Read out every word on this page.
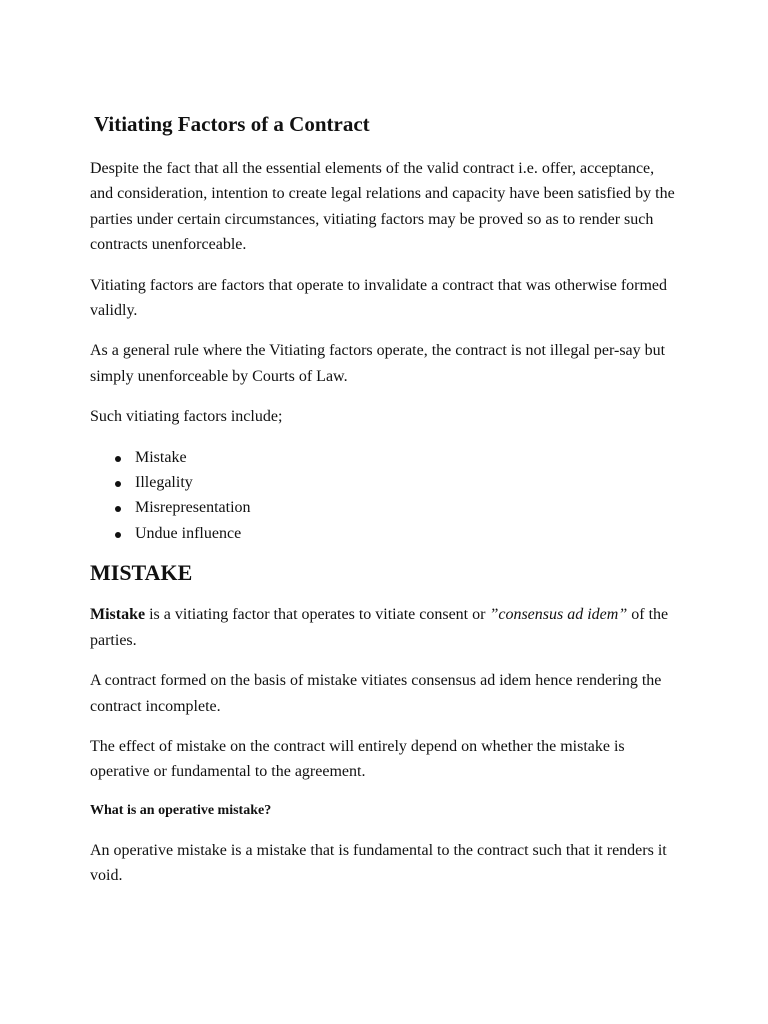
Vitiating Factors of a Contract

Despite the fact that all the essential elements of the valid contract i.e. offer, acceptance, and consideration, intention to create legal relations and capacity have been satisfied by the parties under certain circumstances, vitiating factors may be proved so as to render such contracts unenforceable.

Vitiating factors are factors that operate to invalidate a contract that was otherwise formed validly.

As a general rule where the Vitiating factors operate, the contract is not illegal per-say but simply unenforceable by Courts of Law.

Such vitiating factors include;

Mistake
Illegality
Misrepresentation
Undue influence
MISTAKE

Mistake is a vitiating factor that operates to vitiate consent or ”consensus ad idem” of the parties.

A contract formed on the basis of mistake vitiates consensus ad idem hence rendering the contract incomplete.

The effect of mistake on the contract will entirely depend on whether the mistake is operative or fundamental to the agreement.

What is an operative mistake?

An operative mistake is a mistake that is fundamental to the contract such that it renders it void.
